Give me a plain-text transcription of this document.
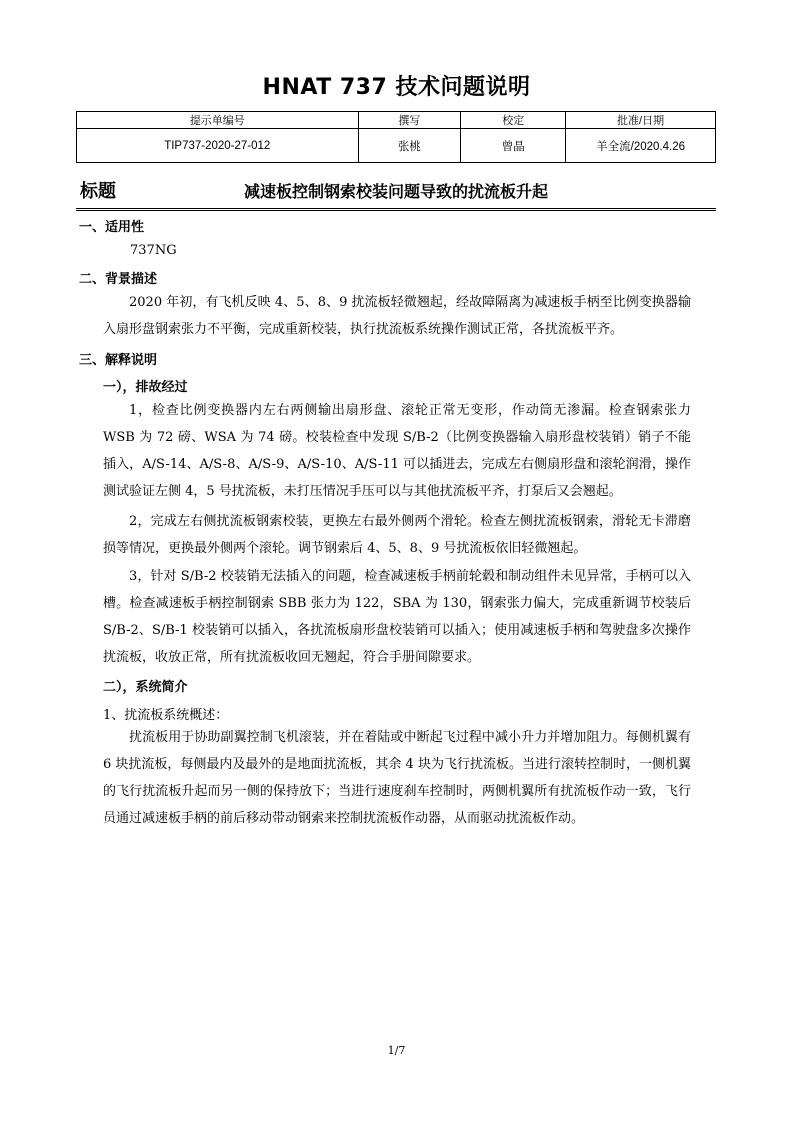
HNAT 737 技术问题说明
提示单编号	撰写	校定	批准/日期
TIP737-2020-27-012	张桃	曾晶	羊全流/2020.4.26
标题	减速板控制钢索校装问题导致的扰流板升起
一、适用性
737NG
二、背景描述
2020 年初，有飞机反映 4、5、8、9 扰流板轻微翘起，经故障隔离为减速板手柄至比例变换器输入扇形盘钢索张力不平衡，完成重新校装，执行扰流板系统操作测试正常，各扰流板平齐。
三、解释说明
一），排故经过
1，检查比例变换器内左右两侧输出扇形盘、滚轮正常无变形，作动筒无渗漏。检查钢索张力 WSB 为 72 磅、WSA 为 74 磅。校装检查中发现 S/B-2（比例变换器输入扇形盘校装销）销子不能插入，A/S-14、A/S-8、A/S-9、A/S-10、A/S-11 可以插进去，完成左右侧扇形盘和滚轮润滑，操作测试验证左侧 4，5 号扰流板，未打压情况手压可以与其他扰流板平齐，打泵后又会翘起。
2，完成左右侧扰流板钢索校装，更换左右最外侧两个滑轮。检查左侧扰流板钢索，滑轮无卡滞磨损等情况，更换最外侧两个滚轮。调节钢索后 4、5、8、9 号扰流板依旧轻微翘起。
3，针对 S/B-2 校装销无法插入的问题，检查减速板手柄前轮毂和制动组件未见异常，手柄可以入槽。检查减速板手柄控制钢索 SBB 张力为 122，SBA 为 130，钢索张力偏大，完成重新调节校装后 S/B-2、S/B-1 校装销可以插入，各扰流板扇形盘校装销可以插入；使用减速板手柄和驾驶盘多次操作扰流板，收放正常，所有扰流板收回无翘起，符合手册间隙要求。
二），系统简介
1、扰流板系统概述：
扰流板用于协助副翼控制飞机滚装，并在着陆或中断起飞过程中减小升力并增加阻力。每侧机翼有 6 块扰流板，每侧最内及最外的是地面扰流板，其余 4 块为飞行扰流板。当进行滚转控制时，一侧机翼的飞行扰流板升起而另一侧的保持放下；当进行速度刹车控制时，两侧机翼所有扰流板作动一致，飞行员通过减速板手柄的前后移动带动钢索来控制扰流板作动器，从而驱动扰流板作动。
1/7
